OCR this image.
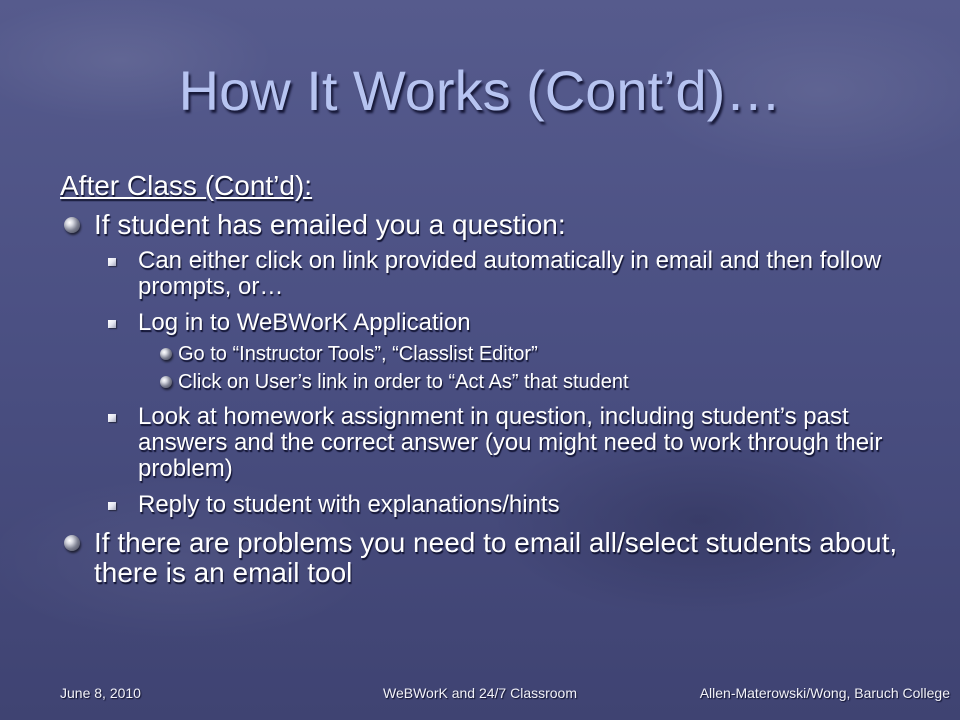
How It Works (Cont’d)…
After Class (Cont’d):
If student has emailed you a question:
Can either click on link provided automatically in email and then follow prompts, or…
Log in to WeBWorK Application
Go to “Instructor Tools”, “Classlist Editor”
Click on User’s link in order to “Act As” that student
Look at homework assignment in question, including student’s past answers and the correct answer (you might need to work through their problem)
Reply to student with explanations/hints
If there are problems you need to email all/select students about, there is an email tool
June 8, 2010	WeBWorK and 24/7 Classroom	Allen-Materowski/Wong, Baruch College
